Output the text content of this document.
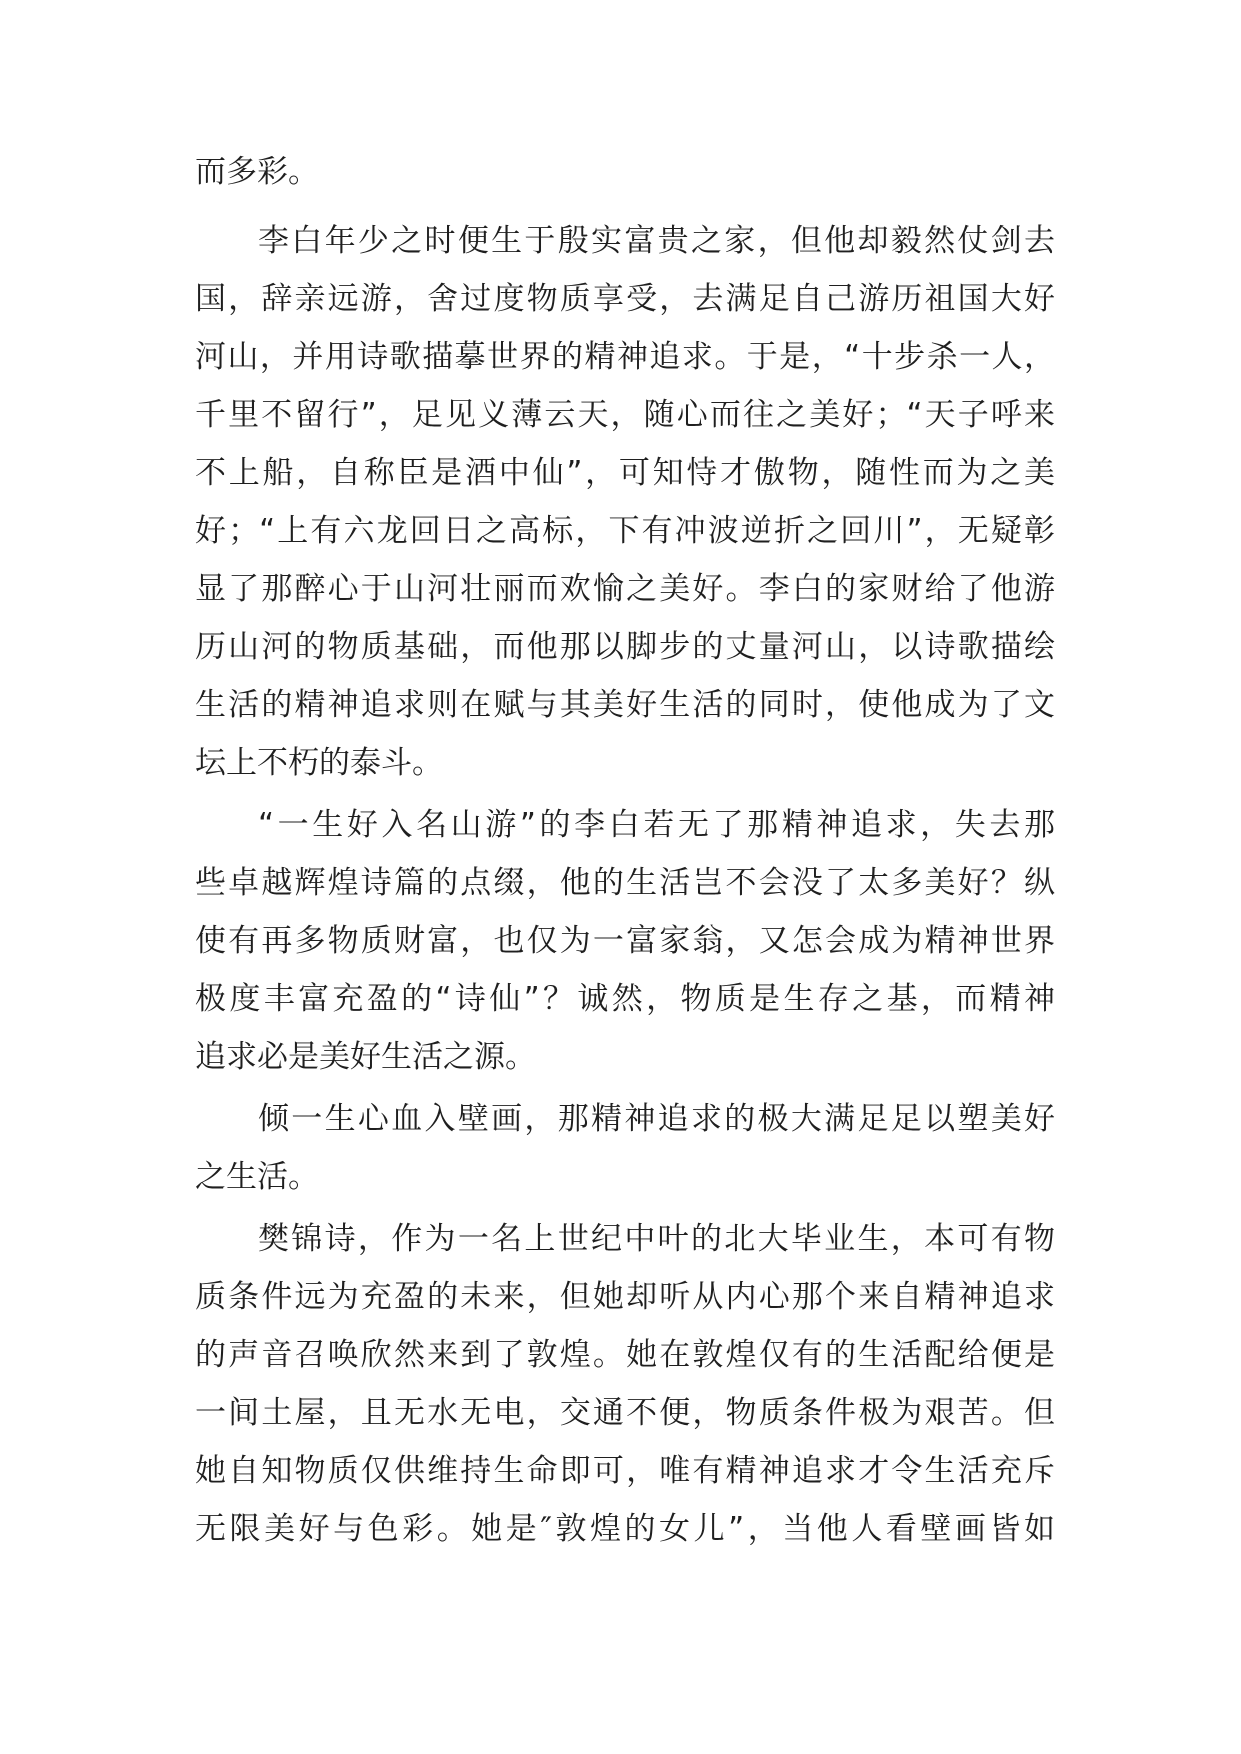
而多彩。

李白年少之时便生于殷实富贵之家，但他却毅然仗剑去

国，辞亲远游，舍过度物质享受，去满足自己游历祖国大好

河山，并用诗歌描摹世界的精神追求。于是，“十步杀一人，

千里不留行”，足见义薄云天，随心而往之美好；“天子呼来

不上船，自称臣是酒中仙”，可知恃才傲物，随性而为之美

好；“上有六龙回日之高标，下有冲波逆折之回川”，无疑彰

显了那醉心于山河壮丽而欢愉之美好。李白的家财给了他游

历山河的物质基础，而他那以脚步的丈量河山，以诗歌描绘

生活的精神追求则在赋与其美好生活的同时，使他成为了文

坛上不朽的泰斗。

“一生好入名山游”的李白若无了那精神追求，失去那

些卓越辉煌诗篇的点缀，他的生活岂不会没了太多美好？纵

使有再多物质财富，也仅为一富家翁，又怎会成为精神世界

极度丰富充盈的“诗仙”？诚然，物质是生存之基，而精神

追求必是美好生活之源。

倾一生心血入壁画，那精神追求的极大满足足以塑美好

之生活。

樊锦诗，作为一名上世纪中叶的北大毕业生，本可有物

质条件远为充盈的未来，但她却听从内心那个来自精神追求

的声音召唤欣然来到了敦煌。她在敦煌仅有的生活配给便是

一间土屋，且无水无电，交通不便，物质条件极为艰苦。但

她自知物质仅供维持生命即可，唯有精神追求才令生活充斥

无限美好与色彩。她是″敦煌的女儿”，当他人看壁画皆如
